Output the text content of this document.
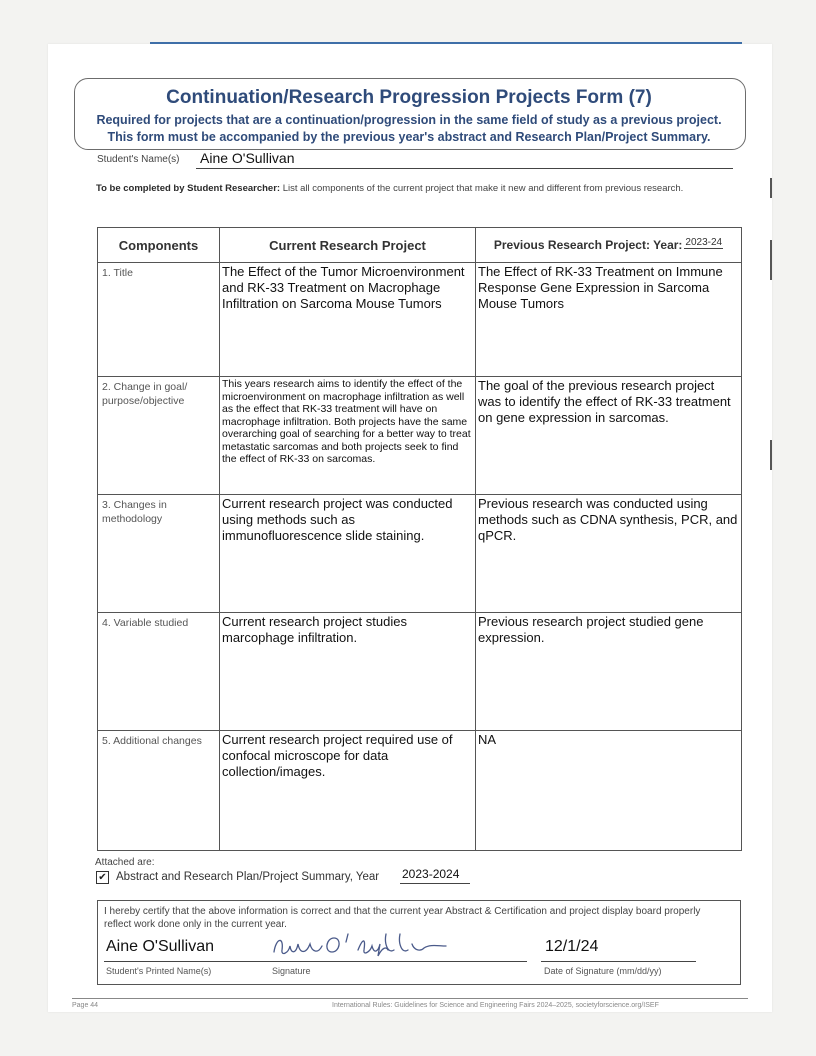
Continuation/Research Progression Projects Form (7)
Required for projects that are a continuation/progression in the same field of study as a previous project.
This form must be accompanied by the previous year's abstract and Research Plan/Project Summary.
Student's Name(s) Aine O'Sullivan
To be completed by Student Researcher: List all components of the current project that make it new and different from previous research.
Components	Current Research Project	Previous Research Project: Year: 2023-24

1. Title	The Effect of the Tumor Microenvironment and RK-33 Treatment on Macrophage Infiltration on Sarcoma Mouse Tumors	The Effect of RK-33 Treatment on Immune Response Gene Expression in Sarcoma Mouse Tumors

2. Change in goal/ purpose/objective	This years research aims to identify the effect of the microenvironment on macrophage infiltration as well as the effect that RK-33 treatment will have on macrophage infiltration. Both projects have the same overarching goal of searching for a better way to treat metastatic sarcomas and both projects seek to find the effect of RK-33 on sarcomas.	The goal of the previous research project was to identify the effect of RK-33 treatment on gene expression in sarcomas.

3. Changes in methodology	Current research project was conducted using methods such as immunofluorescence slide staining.	Previous research was conducted using methods such as CDNA synthesis, PCR, and qPCR.

4. Variable studied	Current research project studies marcophage infiltration.	Previous research project studied gene expression.

5. Additional changes	Current research project required use of confocal microscope for data collection/images.	NA
Attached are:
✔ Abstract and Research Plan/Project Summary, Year 2023-2024
I hereby certify that the above information is correct and that the current year Abstract & Certification and project display board properly reflect work done only in the current year.
Aine O'Sullivan	12/1/24
Student's Printed Name(s)	Signature	Date of Signature (mm/dd/yy)
Page 44	International Rules: Guidelines for Science and Engineering Fairs 2024–2025, societyforscience.org/ISEF
